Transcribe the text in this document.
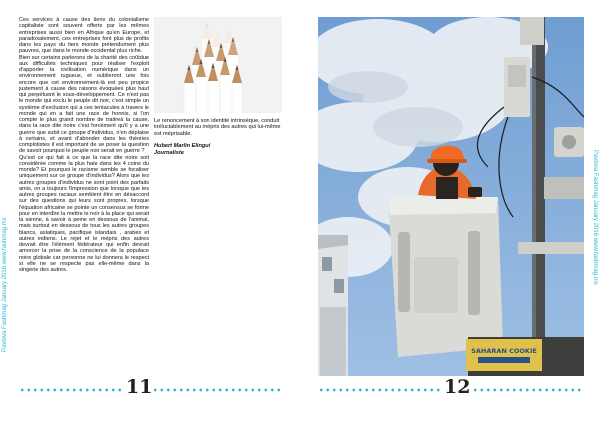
Pavlova Fashmag January 2016 www.fashmag.mx

Ces services à cause des liens du colonialisme capitaliste sont souvent offerts par les mêmes entreprises aussi bien en Afrique qu'en Europe, et paradoxalement, ces entreprises font plus de profits dans les pays du tiers monde prétendument plus pauvres, que dans le monde occidental plus riche.

Bien sur certains parlerons de la charité des coûtdue aux difficultés techniques pour réaliser l'exploit d'apporter la civilisation numérique dans un environnement rugueux, et oublieront une fois encore que cet environnement-là est peu propice justement à cause des raisons évoquées plus haut qui perpétuent le sous-développement. Ce n'est pas le monde qui exclu le peuple dit noir, c'est simple un système d'exclusion qui a ces tentacules à travers le monde qui en a fait une race de honnis, si l'on compte le plus grand nombre de traitreà la cause, dans la race dite noire c'est forcément qu'il y a une guerre que subit ce groupe d'individus, n'en déplaise à certains, et avant d'abonder dans les théories complotistes il est important de se poser la question de savoir pourquoi le peuple noir serait en guerre ?

Qu'est ce qui fait à ce que la race dite noire soit considérée comme la plus haïe dans les 4 coins du monde? Et pourquoi le racisme semble se focaliser uniquement sur ce groupe d'individus? Alors que les autres groupes d'individus ne sont point des parfaits amis, on a toujours l'impression que lorsque que les autres groupes raciaux semblent être en désaccord sur des questions qui leurs sont propres, lorsque l'équation africaine se pointe un consensus se forme pour en interdire la mettre le noir à la place qui serait la sienne, à savoir à peine en dessous de l'animal, mais surtout en dessous de tous les autres groupes blancs, asiatiques, pacifique islandais , arabes et autres indiens. Le rejet et le mépris des autres devrait être l'élément fédérateur qui enfin devrait amorcer la prise de la conscience de la populace noire globale car personne ne lui donnera le respect si elle ne se respecte pas elle-même dans la singerie des autres.

Le renoncement à son identité intrinsèque, conduit inéluctablement au mépris des autres qui lui-même est méprisable.

Hubert Marlin Elingui

Journaliste

11
SAHARAN COOKIE
12
Pavlova Fashmag January 2016 www.fashmag.mx
